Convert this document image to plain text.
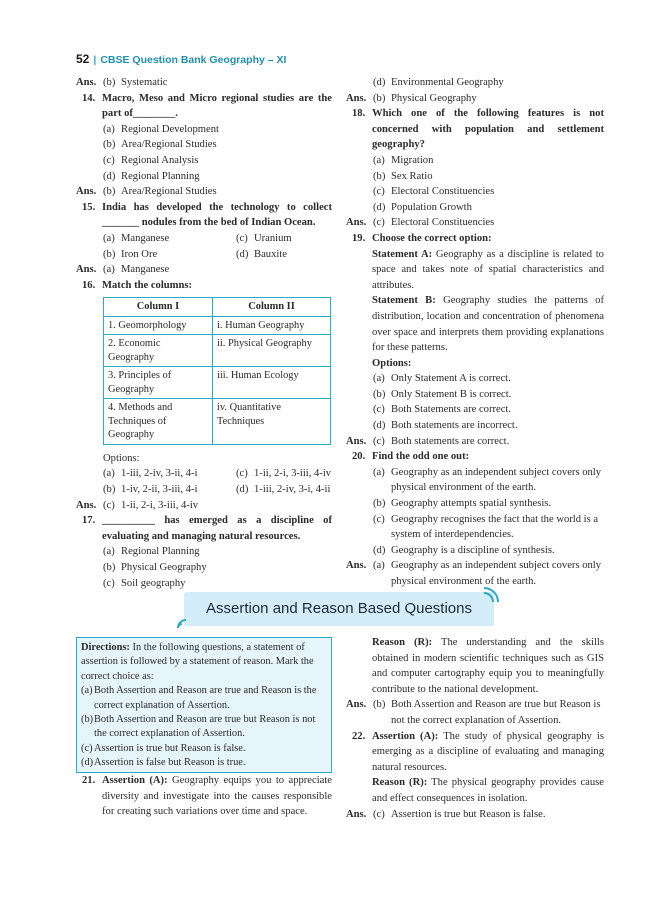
52 | CBSE Question Bank Geography – XI
Ans. (b) Systematic
14. Macro, Meso and Micro regional studies are the part of________.
(a) Regional Development
(b) Area/Regional Studies
(c) Regional Analysis
(d) Regional Planning
Ans. (b) Area/Regional Studies
15. India has developed the technology to collect _______ nodules from the bed of Indian Ocean.
(a) Manganese	(c) Uranium
(b) Iron Ore	(d) Bauxite
Ans. (a) Manganese
16. Match the columns:
Column I	Column II
1. Geomorphology	i. Human Geography
2. Economic Geography	ii. Physical Geography
3. Principles of Geography	iii. Human Ecology
4. Methods and Techniques of Geography	iv. Quantitative Techniques
Options:
(a) 1-iii, 2-iv, 3-ii, 4-i	(c) 1-ii, 2-i, 3-iii, 4-iv
(b) 1-iv, 2-ii, 3-iii, 4-i	(d) 1-iii, 2-iv, 3-i, 4-ii
Ans. (c) 1-ii, 2-i, 3-iii, 4-iv
17. __________ has emerged as a discipline of evaluating and managing natural resources.
(a) Regional Planning
(b) Physical Geography
(c) Soil geography
(d) Environmental Geography
Ans. (b) Physical Geography
18. Which one of the following features is not concerned with population and settlement geography?
(a) Migration
(b) Sex Ratio
(c) Electoral Constituencies
(d) Population Growth
Ans. (c) Electoral Constituencies
19. Choose the correct option:
Statement A: Geography as a discipline is related to space and takes note of spatial characteristics and attributes.
Statement B: Geography studies the patterns of distribution, location and concentration of phenomena over space and interprets them providing explanations for these patterns.
Options:
(a) Only Statement A is correct.
(b) Only Statement B is correct.
(c) Both Statements are correct.
(d) Both statements are incorrect.
Ans. (c) Both statements are correct.
20. Find the odd one out:
(a) Geography as an independent subject covers only physical environment of the earth.
(b) Geography attempts spatial synthesis.
(c) Geography recognises the fact that the world is a system of interdependencies.
(d) Geography is a discipline of synthesis.
Ans. (a) Geography as an independent subject covers only physical environment of the earth.
Assertion and Reason Based Questions
Directions: In the following questions, a statement of assertion is followed by a statement of reason. Mark the correct choice as:
(a) Both Assertion and Reason are true and Reason is the correct explanation of Assertion.
(b) Both Assertion and Reason are true but Reason is not the correct explanation of Assertion.
(c) Assertion is true but Reason is false.
(d) Assertion is false but Reason is true.
21. Assertion (A): Geography equips you to appreciate diversity and investigate into the causes responsible for creating such variations over time and space.
Reason (R): The understanding and the skills obtained in modern scientific techniques such as GIS and computer cartography equip you to meaningfully contribute to the national development.
Ans. (b) Both Assertion and Reason are true but Reason is not the correct explanation of Assertion.
22. Assertion (A): The study of physical geography is emerging as a discipline of evaluating and managing natural resources.
Reason (R): The physical geography provides cause and effect consequences in isolation.
Ans. (c) Assertion is true but Reason is false.
